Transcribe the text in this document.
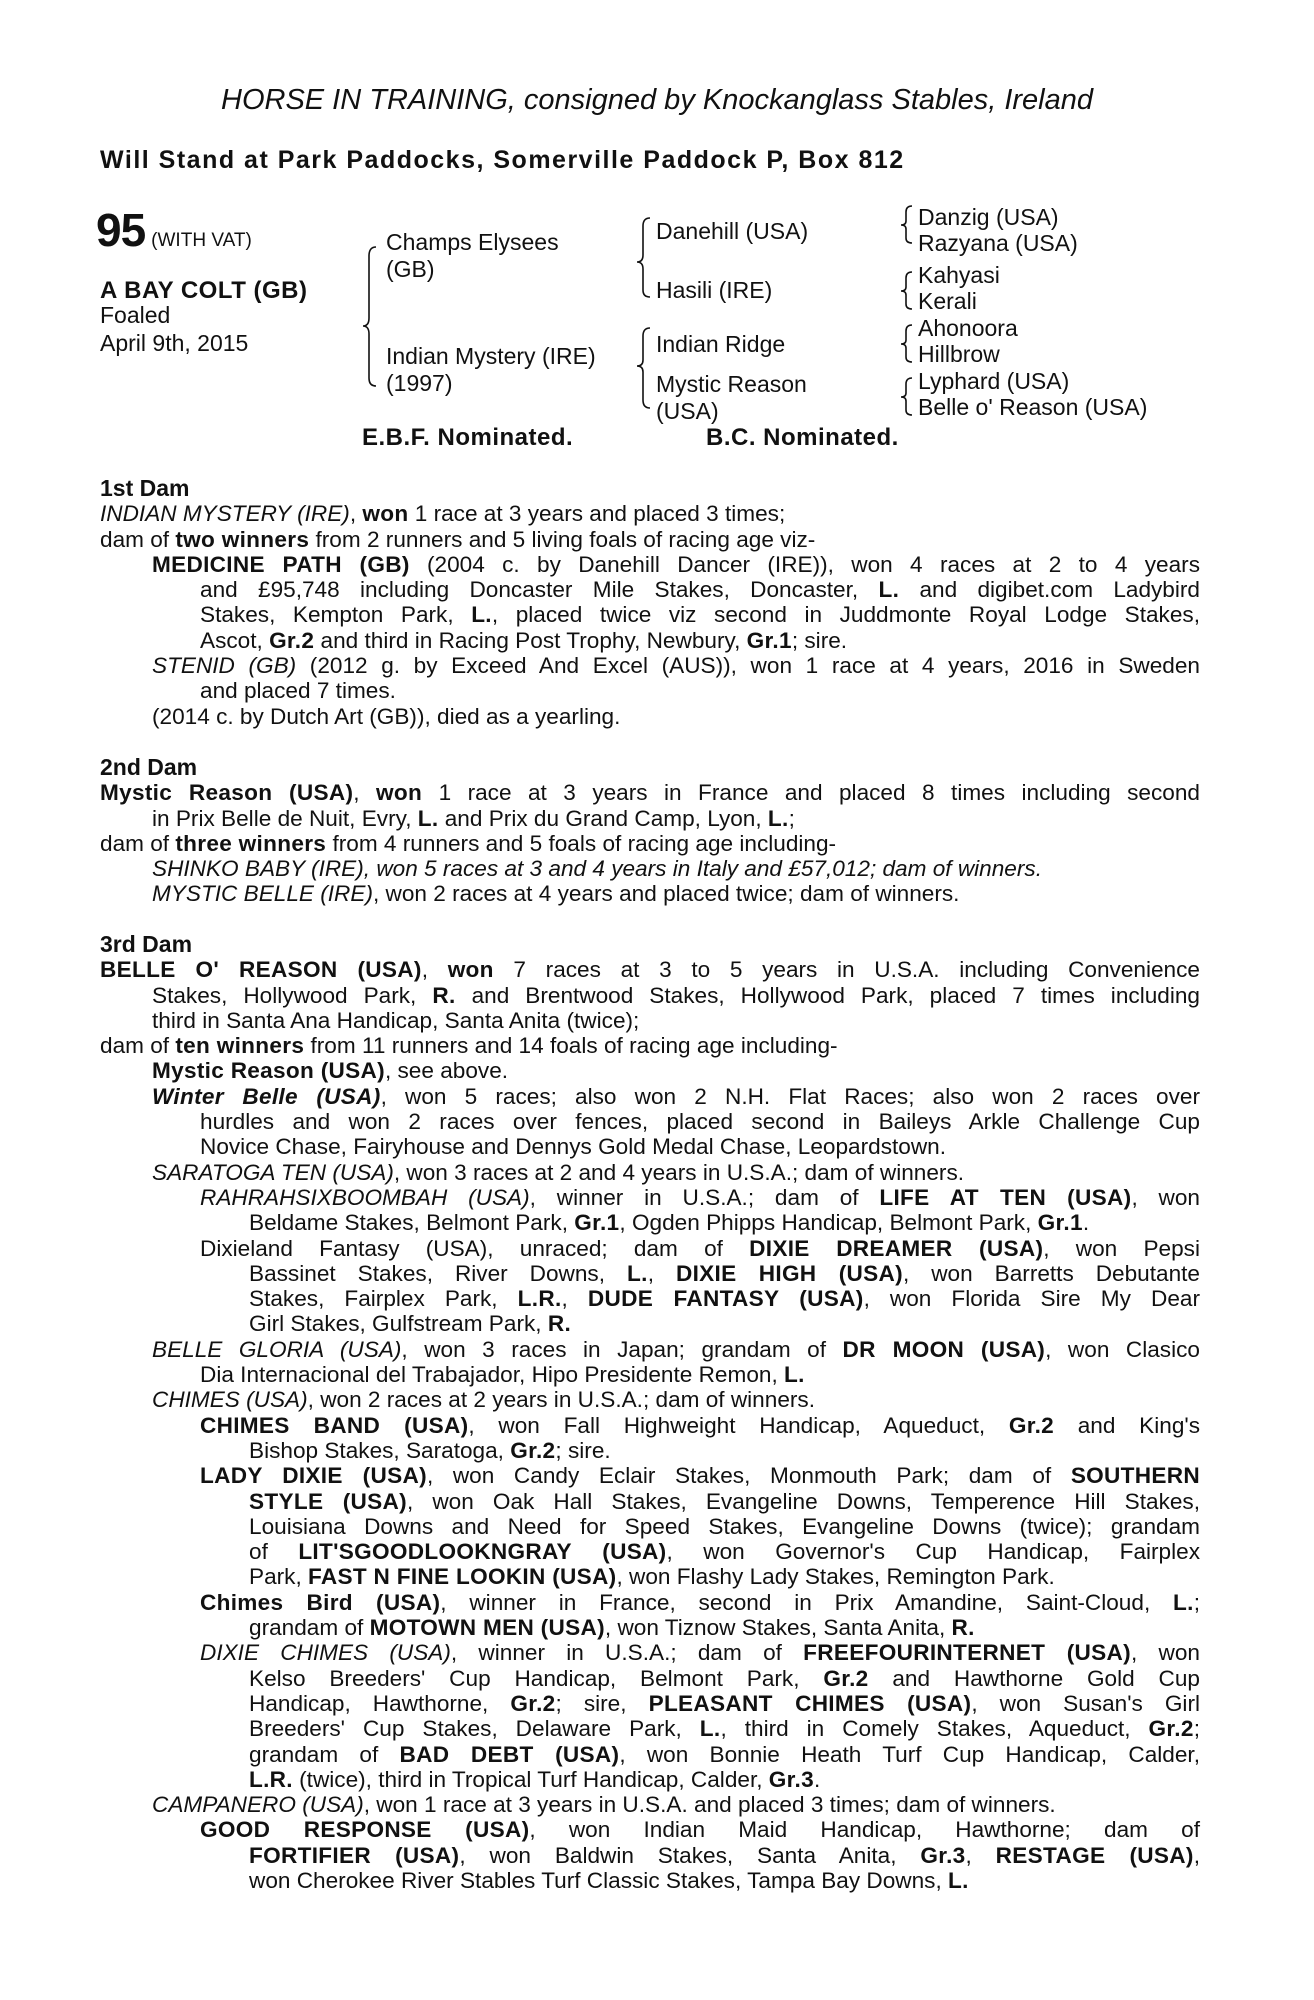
HORSE IN TRAINING, consigned by Knockanglass Stables, Ireland
Will Stand at Park Paddocks, Somerville Paddock P, Box 812
95 (WITH VAT)
A BAY COLT (GB)
Foaled
April 9th, 2015
Champs Elysees
(GB)
Indian Mystery (IRE)
(1997)
Danehill (USA)
Hasili (IRE)
Indian Ridge
Mystic Reason
(USA)
Danzig (USA)
Razyana (USA)
Kahyasi
Kerali
Ahonoora
Hillbrow
Lyphard (USA)
Belle o' Reason (USA)
E.B.F. Nominated.	B.C. Nominated.
1st Dam
INDIAN MYSTERY (IRE), won 1 race at 3 years and placed 3 times;
dam of two winners from 2 runners and 5 living foals of racing age viz-
MEDICINE PATH (GB) (2004 c. by Danehill Dancer (IRE)), won 4 races at 2 to 4 years
and £95,748 including Doncaster Mile Stakes, Doncaster, L. and digibet.com Ladybird
Stakes, Kempton Park, L., placed twice viz second in Juddmonte Royal Lodge Stakes,
Ascot, Gr.2 and third in Racing Post Trophy, Newbury, Gr.1; sire.
STENID (GB) (2012 g. by Exceed And Excel (AUS)), won 1 race at 4 years, 2016 in Sweden
and placed 7 times.
(2014 c. by Dutch Art (GB)), died as a yearling.
2nd Dam
Mystic Reason (USA), won 1 race at 3 years in France and placed 8 times including second
in Prix Belle de Nuit, Evry, L. and Prix du Grand Camp, Lyon, L.;
dam of three winners from 4 runners and 5 foals of racing age including-
SHINKO BABY (IRE), won 5 races at 3 and 4 years in Italy and £57,012; dam of winners.
MYSTIC BELLE (IRE), won 2 races at 4 years and placed twice; dam of winners.
3rd Dam
BELLE O' REASON (USA), won 7 races at 3 to 5 years in U.S.A. including Convenience
Stakes, Hollywood Park, R. and Brentwood Stakes, Hollywood Park, placed 7 times including
third in Santa Ana Handicap, Santa Anita (twice);
dam of ten winners from 11 runners and 14 foals of racing age including-
Mystic Reason (USA), see above.
Winter Belle (USA), won 5 races; also won 2 N.H. Flat Races; also won 2 races over
hurdles and won 2 races over fences, placed second in Baileys Arkle Challenge Cup
Novice Chase, Fairyhouse and Dennys Gold Medal Chase, Leopardstown.
SARATOGA TEN (USA), won 3 races at 2 and 4 years in U.S.A.; dam of winners.
RAHRAHSIXBOOMBAH (USA), winner in U.S.A.; dam of LIFE AT TEN (USA), won
Beldame Stakes, Belmont Park, Gr.1, Ogden Phipps Handicap, Belmont Park, Gr.1.
Dixieland Fantasy (USA), unraced; dam of DIXIE DREAMER (USA), won Pepsi
Bassinet Stakes, River Downs, L., DIXIE HIGH (USA), won Barretts Debutante
Stakes, Fairplex Park, L.R., DUDE FANTASY (USA), won Florida Sire My Dear
Girl Stakes, Gulfstream Park, R.
BELLE GLORIA (USA), won 3 races in Japan; grandam of DR MOON (USA), won Clasico
Dia Internacional del Trabajador, Hipo Presidente Remon, L.
CHIMES (USA), won 2 races at 2 years in U.S.A.; dam of winners.
CHIMES BAND (USA), won Fall Highweight Handicap, Aqueduct, Gr.2 and King's
Bishop Stakes, Saratoga, Gr.2; sire.
LADY DIXIE (USA), won Candy Eclair Stakes, Monmouth Park; dam of SOUTHERN
STYLE (USA), won Oak Hall Stakes, Evangeline Downs, Temperence Hill Stakes,
Louisiana Downs and Need for Speed Stakes, Evangeline Downs (twice); grandam
of LIT'SGOODLOOKNGRAY (USA), won Governor's Cup Handicap, Fairplex
Park, FAST N FINE LOOKIN (USA), won Flashy Lady Stakes, Remington Park.
Chimes Bird (USA), winner in France, second in Prix Amandine, Saint-Cloud, L.;
grandam of MOTOWN MEN (USA), won Tiznow Stakes, Santa Anita, R.
DIXIE CHIMES (USA), winner in U.S.A.; dam of FREEFOURINTERNET (USA), won
Kelso Breeders' Cup Handicap, Belmont Park, Gr.2 and Hawthorne Gold Cup
Handicap, Hawthorne, Gr.2; sire, PLEASANT CHIMES (USA), won Susan's Girl
Breeders' Cup Stakes, Delaware Park, L., third in Comely Stakes, Aqueduct, Gr.2;
grandam of BAD DEBT (USA), won Bonnie Heath Turf Cup Handicap, Calder,
L.R. (twice), third in Tropical Turf Handicap, Calder, Gr.3.
CAMPANERO (USA), won 1 race at 3 years in U.S.A. and placed 3 times; dam of winners.
GOOD RESPONSE (USA), won Indian Maid Handicap, Hawthorne; dam of
FORTIFIER (USA), won Baldwin Stakes, Santa Anita, Gr.3, RESTAGE (USA),
won Cherokee River Stables Turf Classic Stakes, Tampa Bay Downs, L.
